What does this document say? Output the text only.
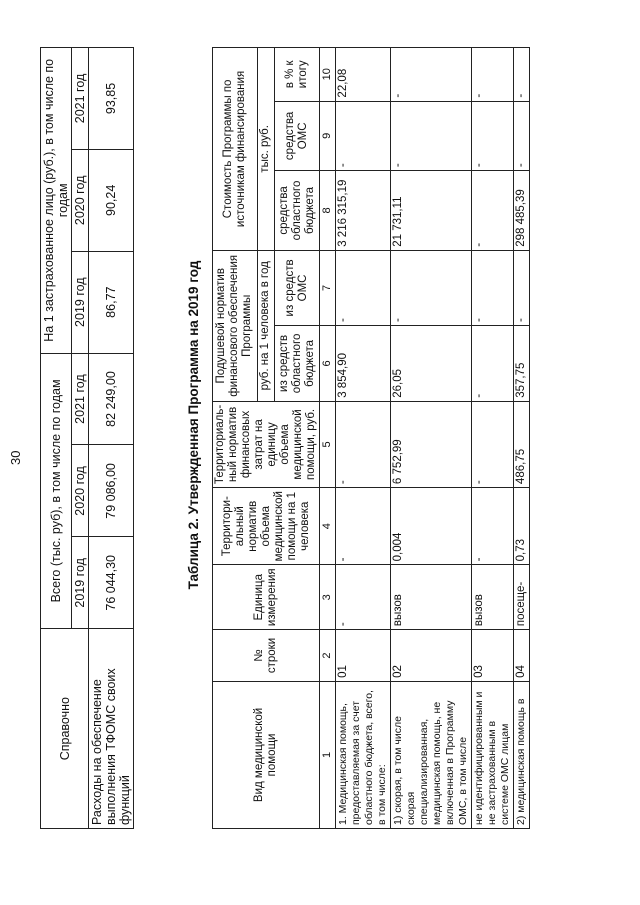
30
Справочно	Всего (тыс. руб), в том числе по годам			На 1 застрахованное лицо (руб.), в том числе по годам		
	2019 год	2020 год	2021 год	2019 год	2020 год	2021 год
Расходы на обеспечение выполнения ТФОМС своих функций	76 044,30	79 086,00	82 249,00	86,77	90,24	93,85
Таблица 2. Утвержденная Программа на 2019 год
Вид медицинской помощи	№ строки	Единица измерения	Территори-альный норматив объема медицинской помощи на 1 человека	Территориаль-ный норматив финансовых затрат на единицу объема медицинской помощи, руб.	Подушевой норматив финансового обеспечения Программы		Стоимость Программы по источникам финансирования		
					руб. на 1 человека в год		тыс. руб.		
					из средств областного бюджета	из средств ОМС	средства областного бюджета	средства ОМС	в % к итогу
1	2	3	4	5	6	7	8	9	10
1. Медицинская помощь, предоставляемая за счет областного бюджета, всего, в том числе:	01	-	-	-	3 854,90	-	3 216 315,19	-	22,08
1) скорая, в том числе скорая специализированная, медицинская помощь, не включенная в Программу ОМС, в том числе	02	вызов	0,004	6 752,99	26,05	-	21 731,11	-	-
не идентифицированным и не застрахованным в системе ОМС лицам	03	вызов	-	-	-	-	-	-	-
2) медицинская помощь в	04	посеще-	0,73	486,75	357,75	-	298 485,39	-	-
